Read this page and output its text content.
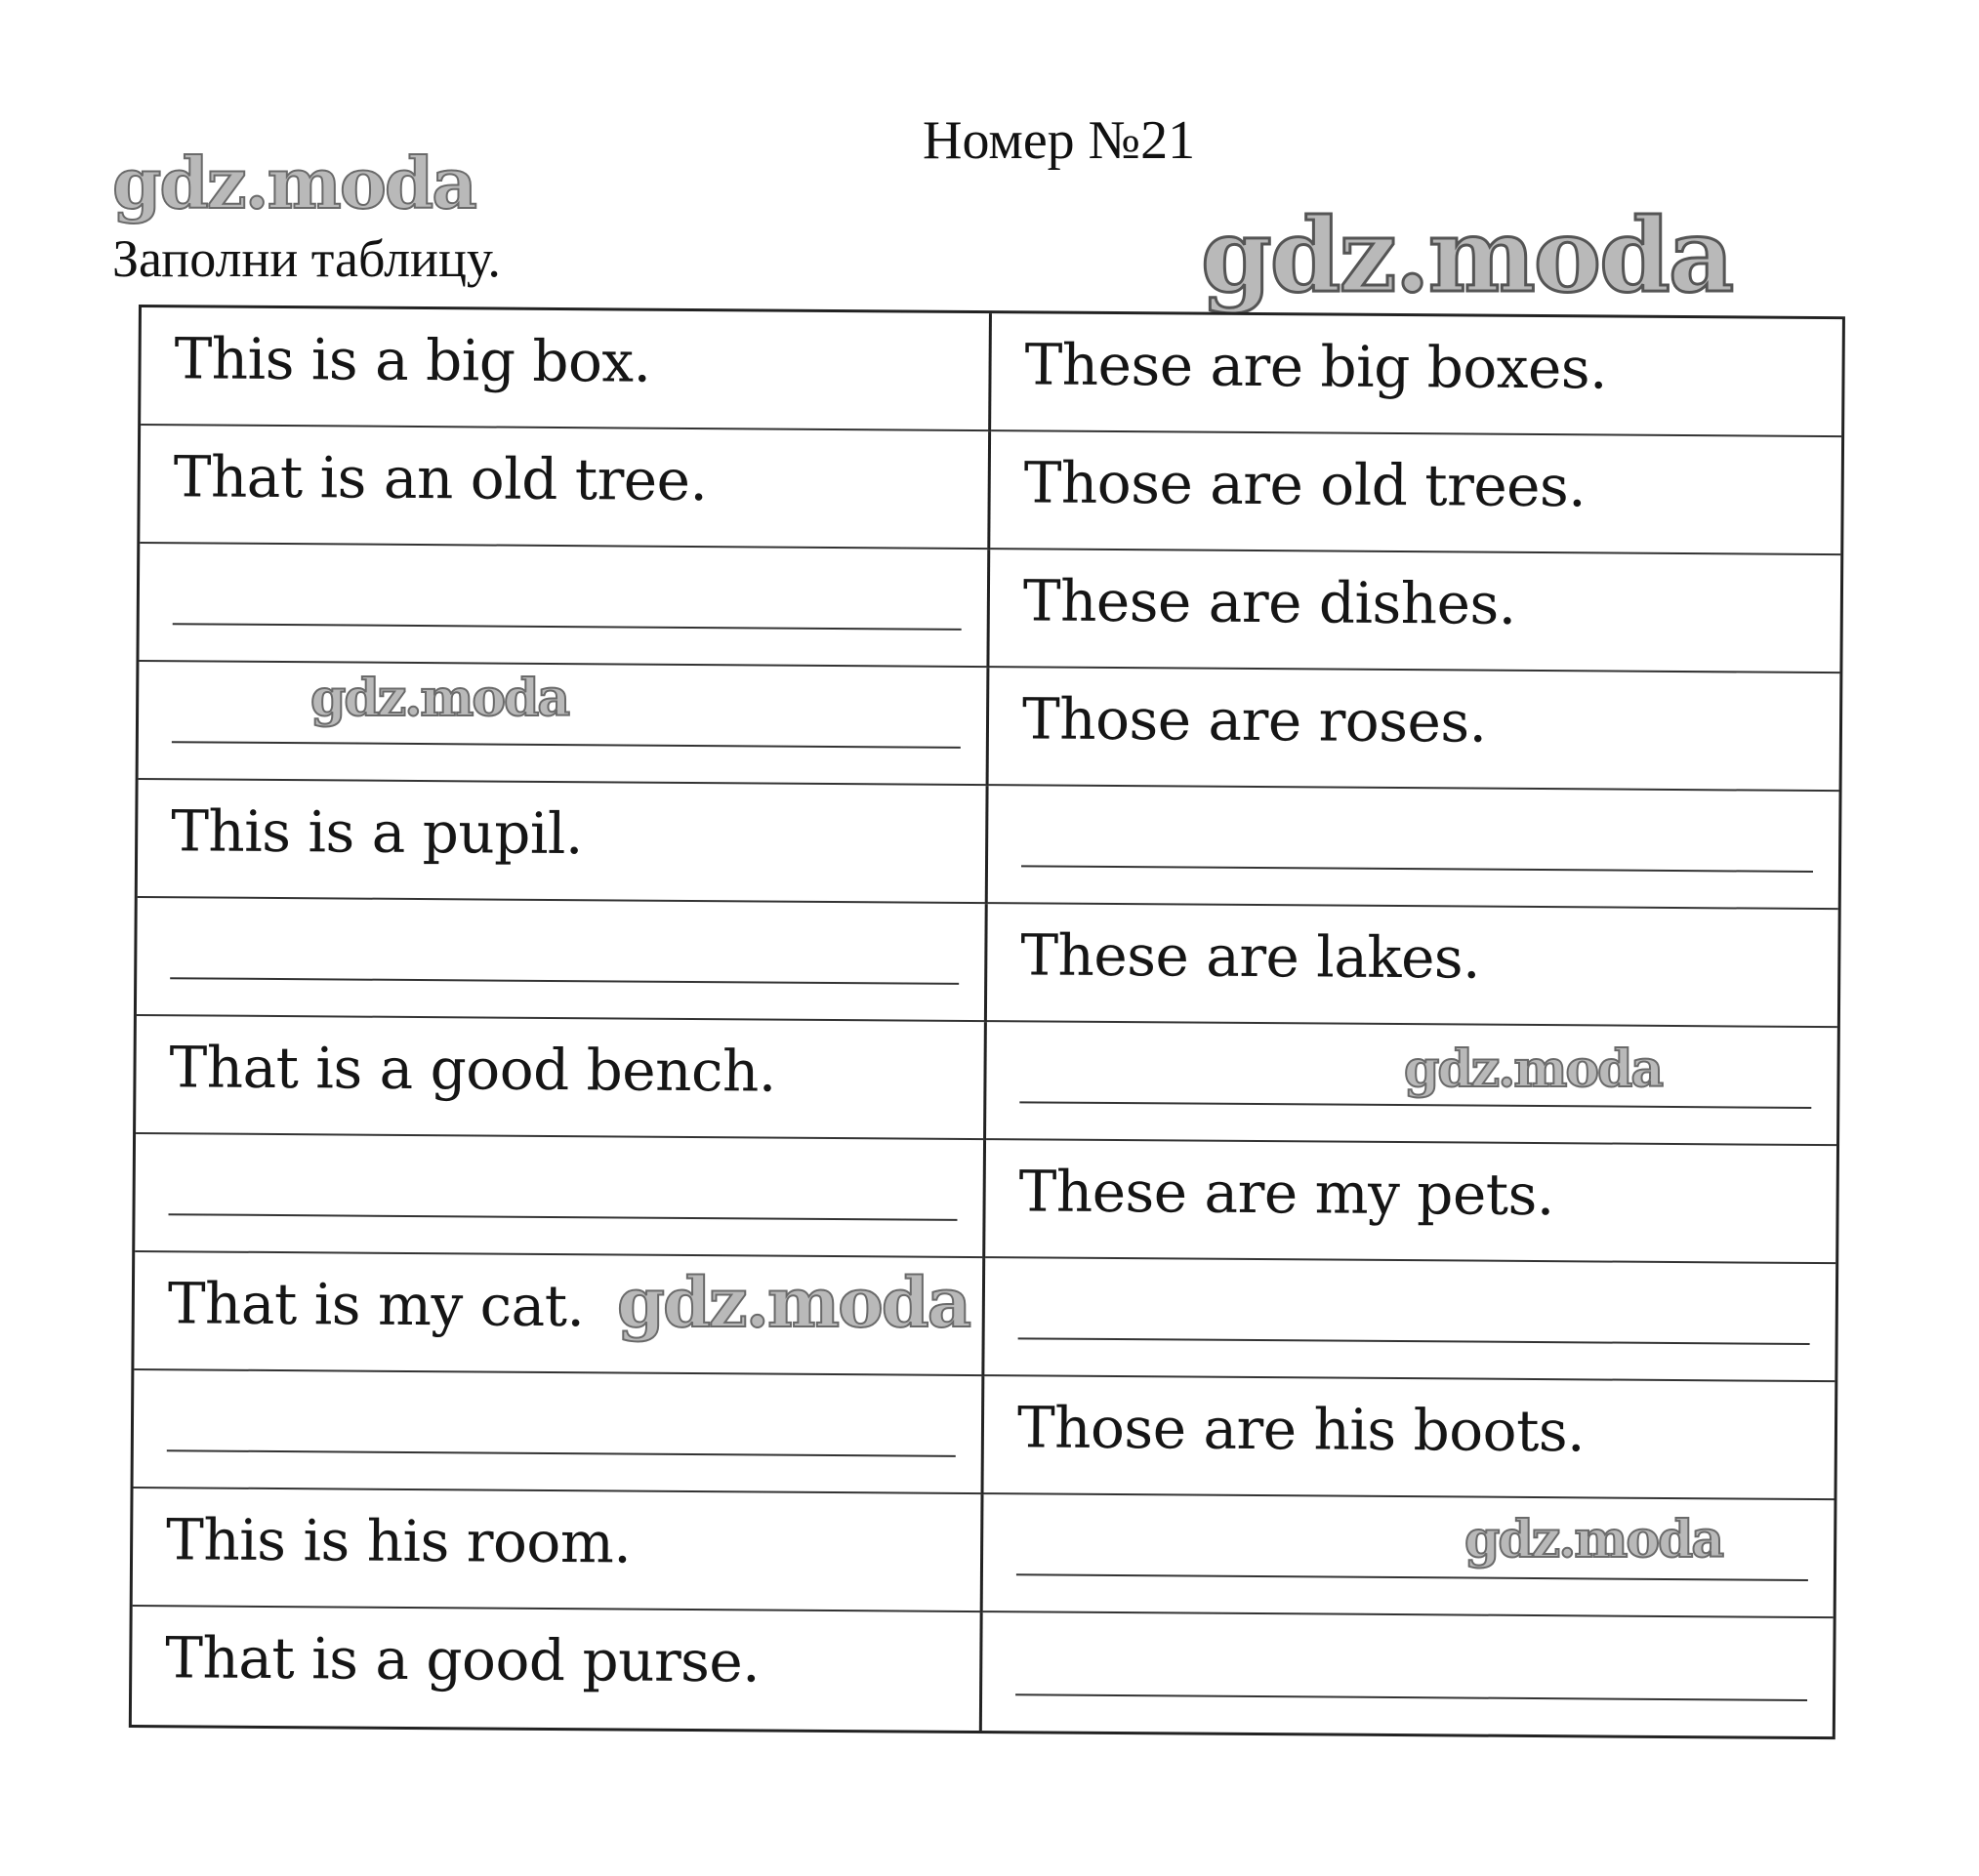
Номер №21
Заполни таблицу.
gdz.moda
gdz.moda
This is a big box.	These are big boxes.
That is an old tree.	Those are old trees.
These are dishes.
Those are roses.
This is a pupil.
These are lakes.
That is a good bench.
These are my pets.
That is my cat.
Those are his boots.
This is his room.
That is a good purse.
gdz.moda
gdz.moda
gdz.moda
gdz.moda
